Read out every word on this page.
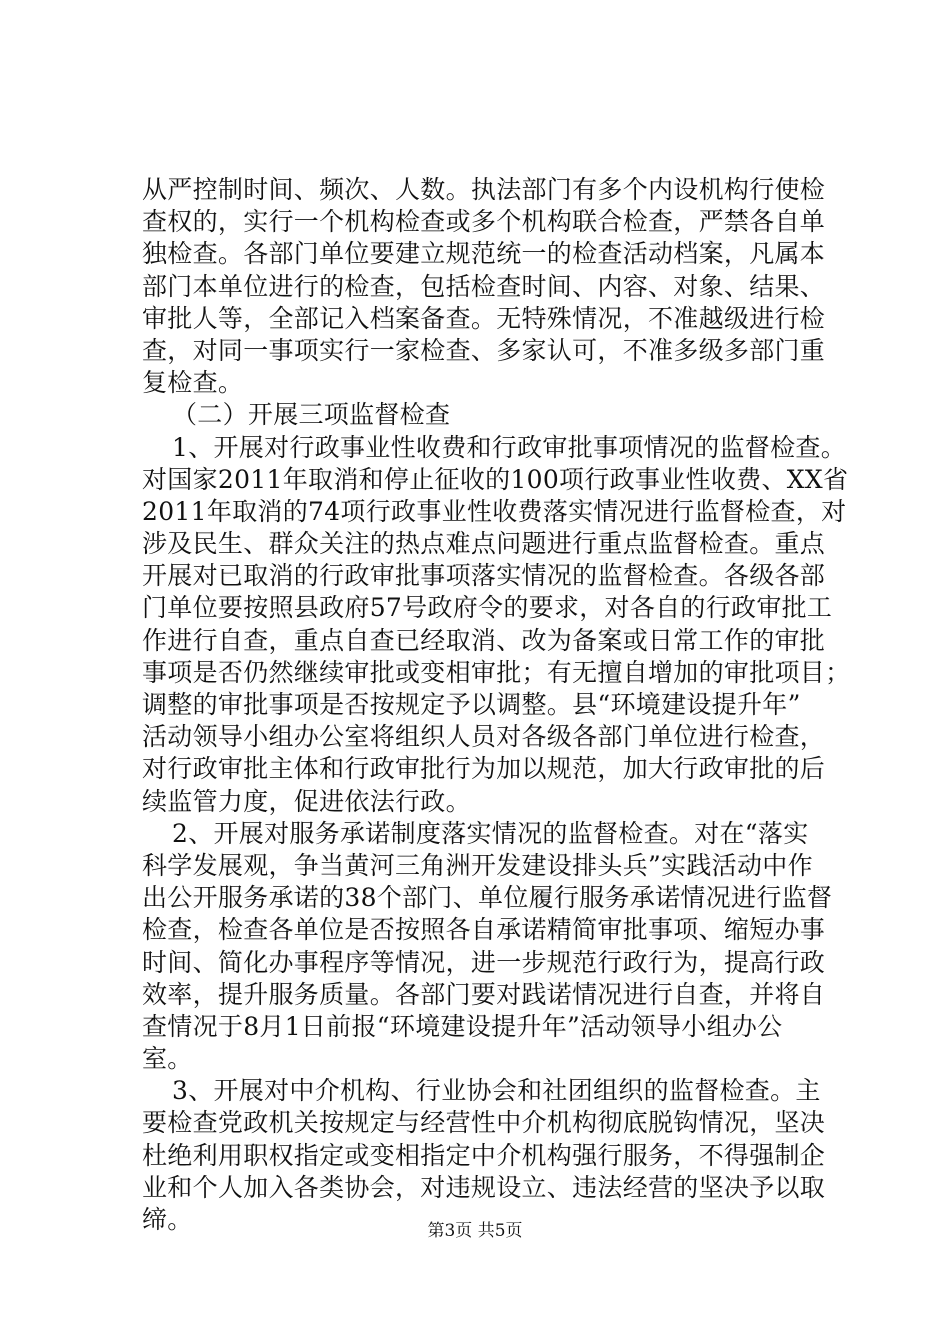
从严控制时间、频次、人数。执法部门有多个内设机构行使检
查权的，实行一个机构检查或多个机构联合检查，严禁各自单
独检查。各部门单位要建立规范统一的检查活动档案，凡属本
部门本单位进行的检查，包括检查时间、内容、对象、结果、
审批人等，全部记入档案备查。无特殊情况，不准越级进行检
查，对同一事项实行一家检查、多家认可，不准多级多部门重
复检查。
（二）开展三项监督检查
1、开展对行政事业性收费和行政审批事项情况的监督检查。
对国家2011年取消和停止征收的100项行政事业性收费、XX省
2011年取消的74项行政事业性收费落实情况进行监督检查，对
涉及民生、群众关注的热点难点问题进行重点监督检查。重点
开展对已取消的行政审批事项落实情况的监督检查。各级各部
门单位要按照县政府57号政府令的要求，对各自的行政审批工
作进行自查，重点自查已经取消、改为备案或日常工作的审批
事项是否仍然继续审批或变相审批；有无擅自增加的审批项目；
调整的审批事项是否按规定予以调整。县“环境建设提升年”
活动领导小组办公室将组织人员对各级各部门单位进行检查，
对行政审批主体和行政审批行为加以规范，加大行政审批的后
续监管力度，促进依法行政。
2、开展对服务承诺制度落实情况的监督检查。对在“落实
科学发展观，争当黄河三角洲开发建设排头兵”实践活动中作
出公开服务承诺的38个部门、单位履行服务承诺情况进行监督
检查，检查各单位是否按照各自承诺精简审批事项、缩短办事
时间、简化办事程序等情况，进一步规范行政行为，提高行政
效率，提升服务质量。各部门要对践诺情况进行自查，并将自
查情况于8月1日前报“环境建设提升年”活动领导小组办公
室。
3、开展对中介机构、行业协会和社团组织的监督检查。主
要检查党政机关按规定与经营性中介机构彻底脱钩情况，坚决
杜绝利用职权指定或变相指定中介机构强行服务，不得强制企
业和个人加入各类协会，对违规设立、违法经营的坚决予以取
缔。	第3页 共5页
